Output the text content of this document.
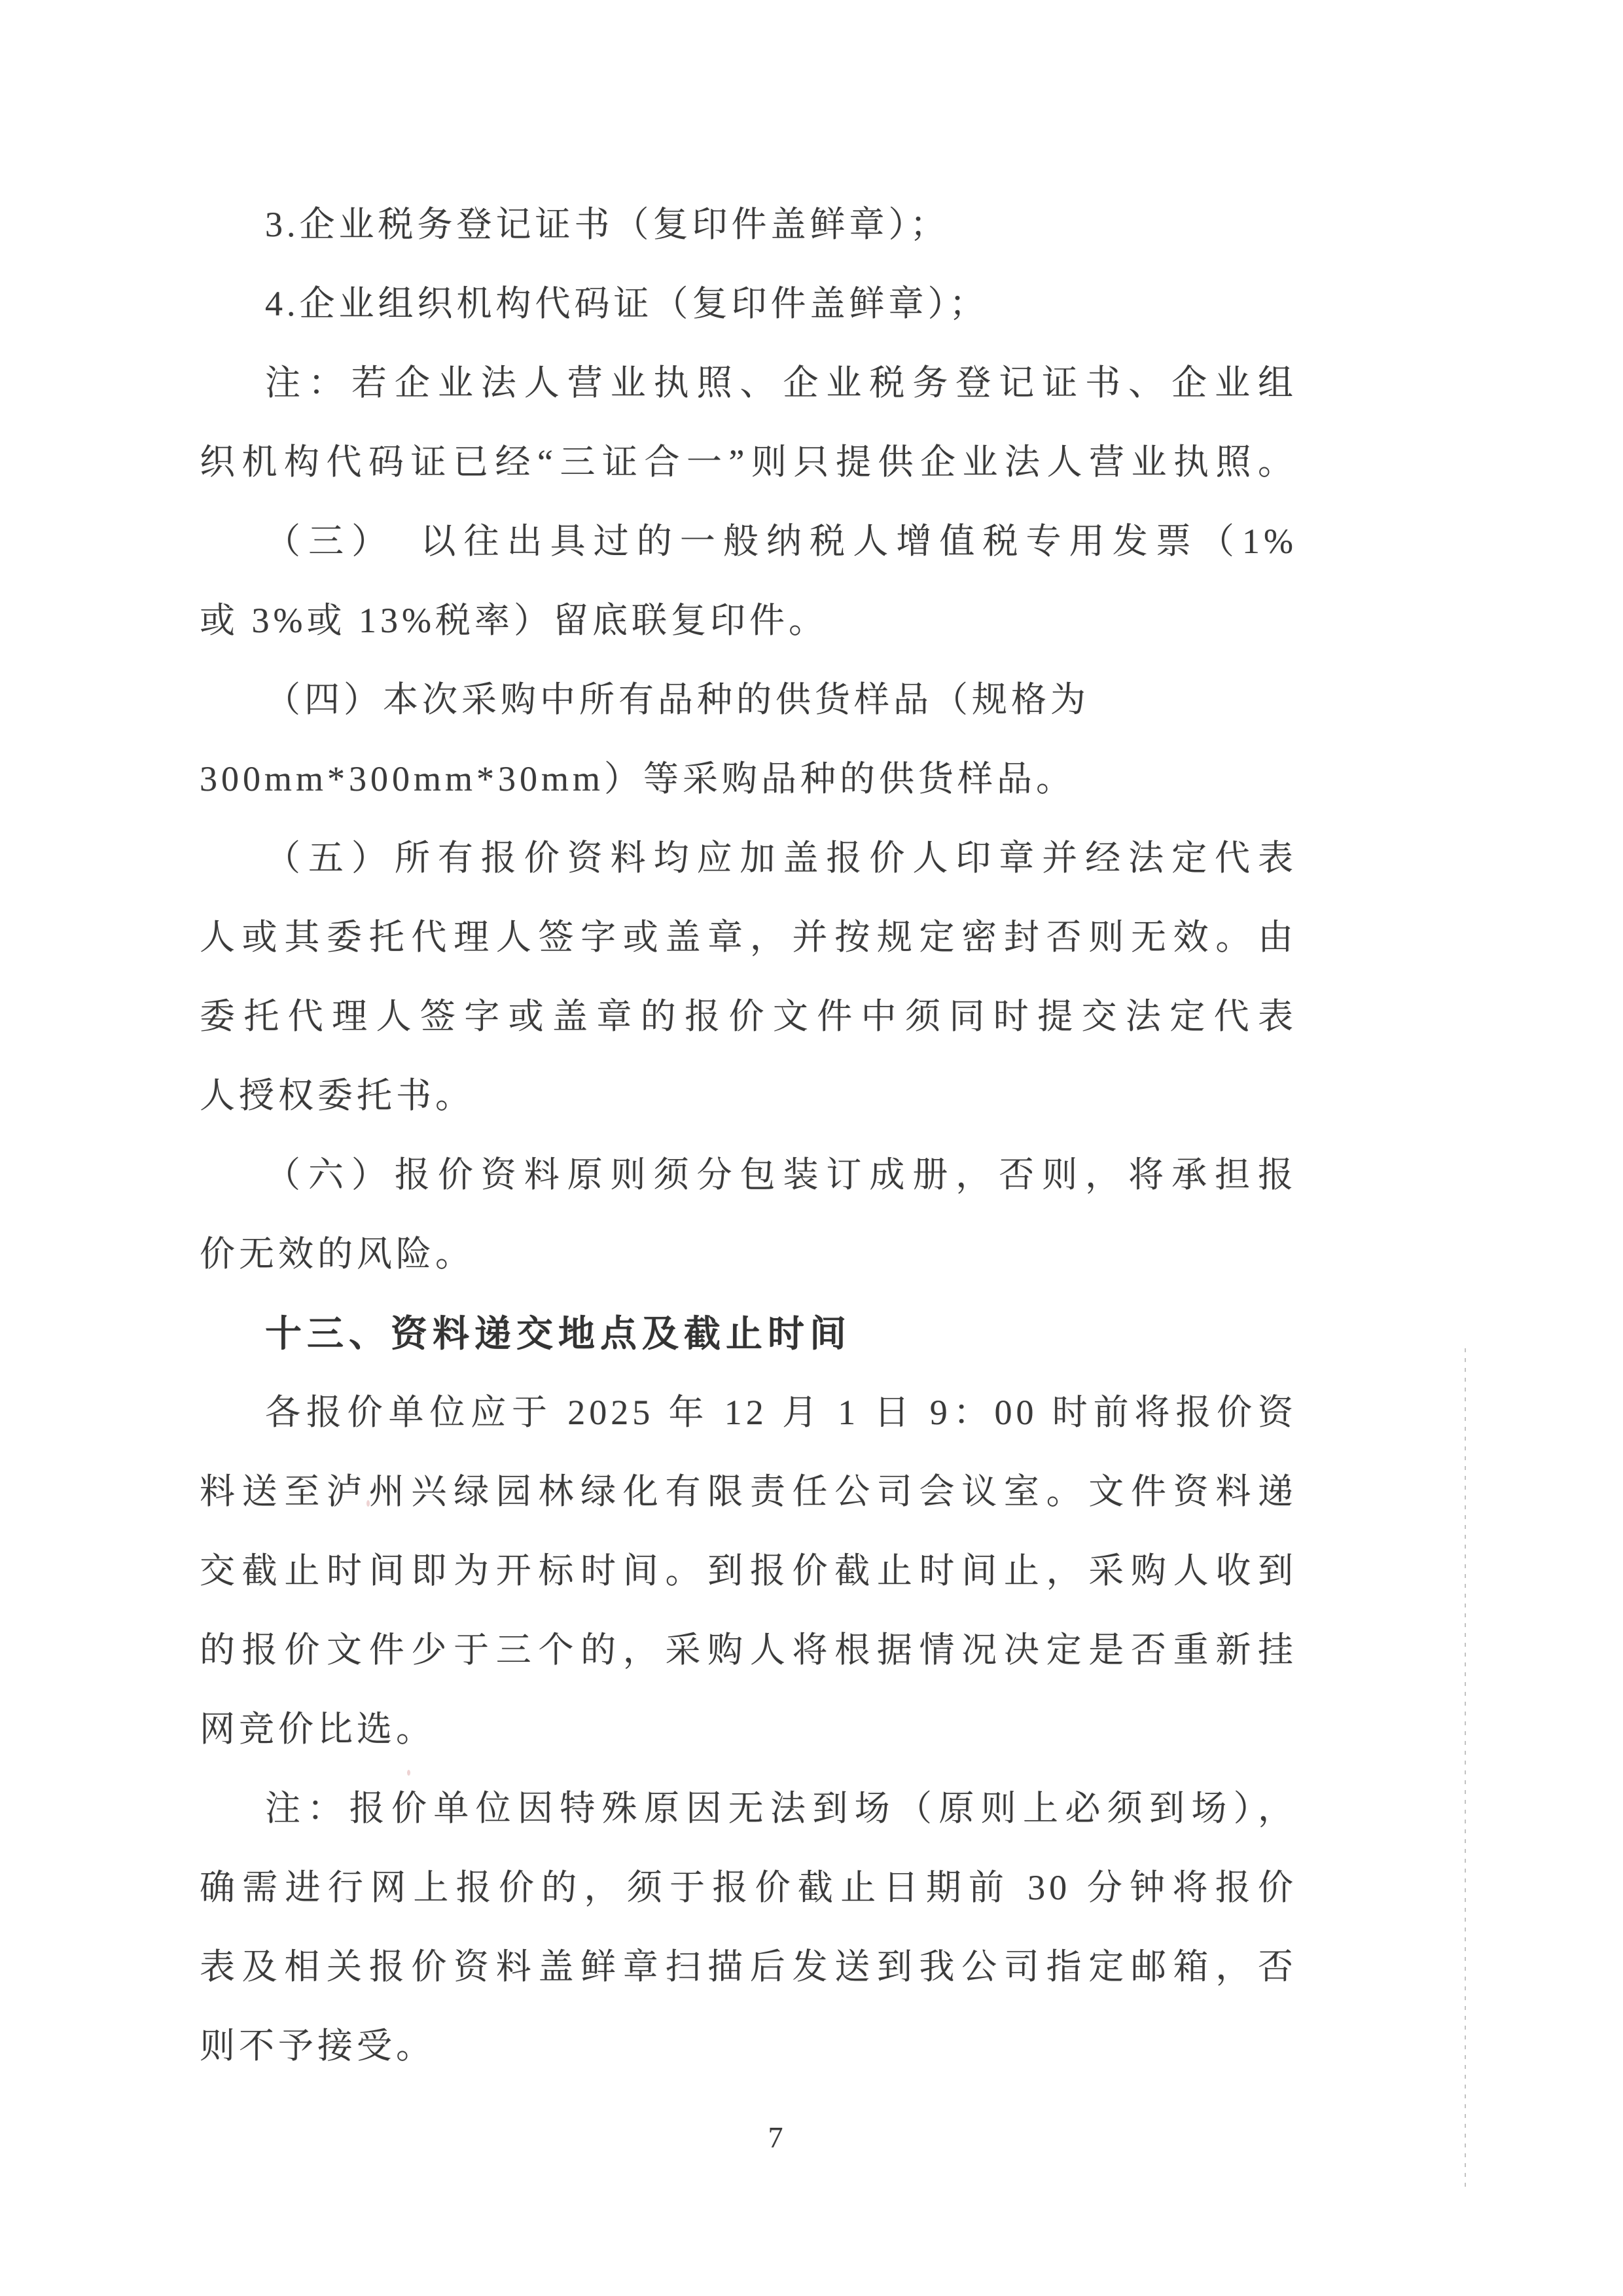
3.企业税务登记证书（复印件盖鲜章）；
4.企业组织机构代码证（复印件盖鲜章）；
注：若企业法人营业执照、企业税务登记证书、企业组
织机构代码证已经“三证合一”则只提供企业法人营业执照。
（三）　以往出具过的一般纳税人增值税专用发票（1%
或 3%或 13%税率）留底联复印件。
（四）本次采购中所有品种的供货样品（规格为
300mm*300mm*30mm）等采购品种的供货样品。
（五）所有报价资料均应加盖报价人印章并经法定代表
人或其委托代理人签字或盖章，并按规定密封否则无效。由
委托代理人签字或盖章的报价文件中须同时提交法定代表
人授权委托书。
（六）报价资料原则须分包装订成册，否则，将承担报
价无效的风险。
十三、资料递交地点及截止时间
各报价单位应于 2025 年 12 月 1 日 9：00 时前将报价资
料送至泸州兴绿园林绿化有限责任公司会议室。文件资料递
交截止时间即为开标时间。到报价截止时间止，采购人收到
的报价文件少于三个的，采购人将根据情况决定是否重新挂
网竞价比选。
注：报价单位因特殊原因无法到场（原则上必须到场），
确需进行网上报价的，须于报价截止日期前 30 分钟将报价
表及相关报价资料盖鲜章扫描后发送到我公司指定邮箱，否
则不予接受。
7
